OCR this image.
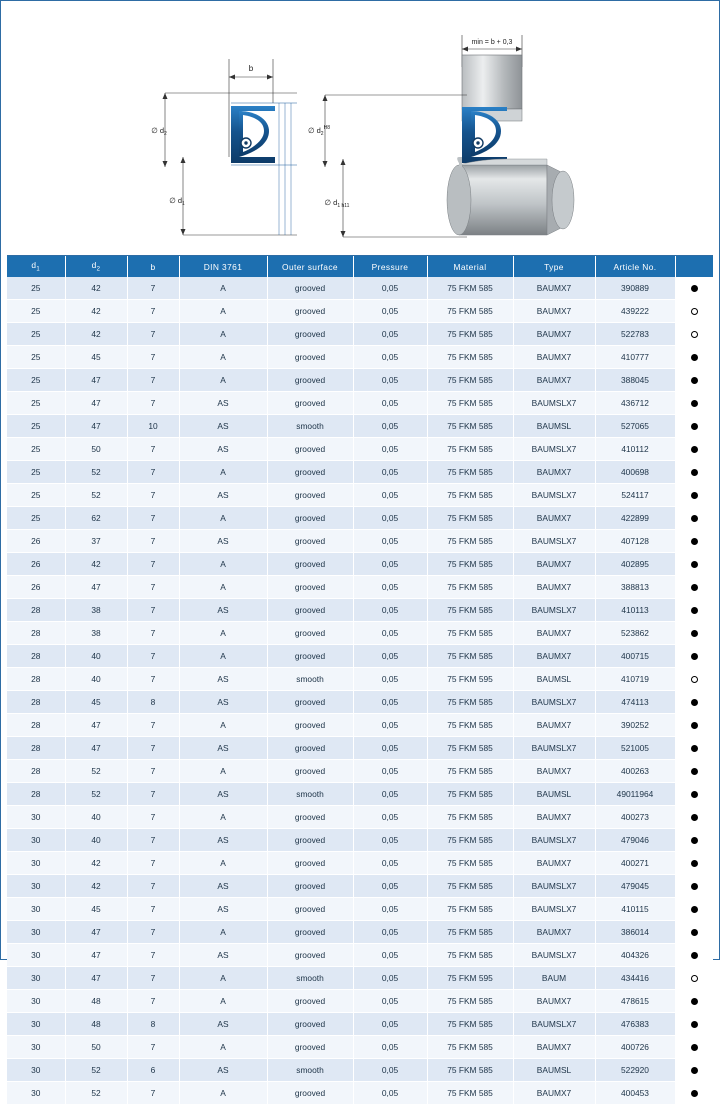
b
∅ $d_2$
∅ $d_1$
min = b + 0,3
∅ $d_2^{H8}$
∅ $d_{1 h11}$
$d_1$	$d_2$	b	DIN 3761	Outer surface	Pressure	Material	Type	Article No.	
25	42	7	A	grooved	0,05	75 FKM 585	BAUMX7	390889	
25	42	7	A	grooved	0,05	75 FKM 585	BAUMX7	439222	
25	42	7	A	grooved	0,05	75 FKM 585	BAUMX7	522783	
25	45	7	A	grooved	0,05	75 FKM 585	BAUMX7	410777	
25	47	7	A	grooved	0,05	75 FKM 585	BAUMX7	388045	
25	47	7	AS	grooved	0,05	75 FKM 585	BAUMSLX7	436712	
25	47	10	AS	smooth	0,05	75 FKM 585	BAUMSL	527065	
25	50	7	AS	grooved	0,05	75 FKM 585	BAUMSLX7	410112	
25	52	7	A	grooved	0,05	75 FKM 585	BAUMX7	400698	
25	52	7	AS	grooved	0,05	75 FKM 585	BAUMSLX7	524117	
25	62	7	A	grooved	0,05	75 FKM 585	BAUMX7	422899	
26	37	7	AS	grooved	0,05	75 FKM 585	BAUMSLX7	407128	
26	42	7	A	grooved	0,05	75 FKM 585	BAUMX7	402895	
26	47	7	A	grooved	0,05	75 FKM 585	BAUMX7	388813	
28	38	7	AS	grooved	0,05	75 FKM 585	BAUMSLX7	410113	
28	38	7	A	grooved	0,05	75 FKM 585	BAUMX7	523862	
28	40	7	A	grooved	0,05	75 FKM 585	BAUMX7	400715	
28	40	7	AS	smooth	0,05	75 FKM 595	BAUMSL	410719	
28	45	8	AS	grooved	0,05	75 FKM 585	BAUMSLX7	474113	
28	47	7	A	grooved	0,05	75 FKM 585	BAUMX7	390252	
28	47	7	AS	grooved	0,05	75 FKM 585	BAUMSLX7	521005	
28	52	7	A	grooved	0,05	75 FKM 585	BAUMX7	400263	
28	52	7	AS	smooth	0,05	75 FKM 585	BAUMSL	49011964	
30	40	7	A	grooved	0,05	75 FKM 585	BAUMX7	400273	
30	40	7	AS	grooved	0,05	75 FKM 585	BAUMSLX7	479046	
30	42	7	A	grooved	0,05	75 FKM 585	BAUMX7	400271	
30	42	7	AS	grooved	0,05	75 FKM 585	BAUMSLX7	479045	
30	45	7	AS	grooved	0,05	75 FKM 585	BAUMSLX7	410115	
30	47	7	A	grooved	0,05	75 FKM 585	BAUMX7	386014	
30	47	7	AS	grooved	0,05	75 FKM 585	BAUMSLX7	404326	
30	47	7	A	smooth	0,05	75 FKM 595	BAUM	434416	
30	48	7	A	grooved	0,05	75 FKM 585	BAUMX7	478615	
30	48	8	AS	grooved	0,05	75 FKM 585	BAUMSLX7	476383	
30	50	7	A	grooved	0,05	75 FKM 585	BAUMX7	400726	
30	52	6	AS	smooth	0,05	75 FKM 585	BAUMSL	522920	
30	52	7	A	grooved	0,05	75 FKM 585	BAUMX7	400453	
